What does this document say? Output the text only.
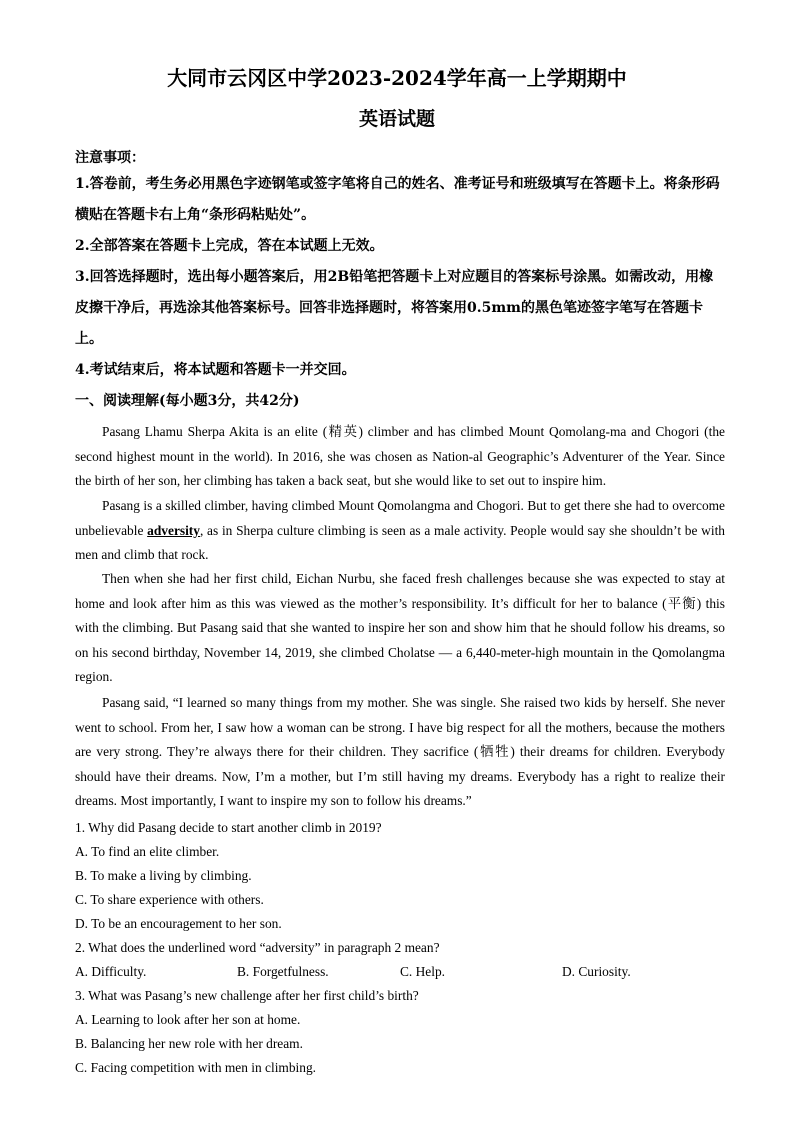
大同市云冈区中学2023-2024学年高一上学期期中
英语试题

注意事项：

1.答卷前，考生务必用黑色字迹钢笔或签字笔将自己的姓名、准考证号和班级填写在答题卡上。将条形码横贴在答题卡右上角“条形码粘贴处”。

2.全部答案在答题卡上完成，答在本试题上无效。

3.回答选择题时，选出每小题答案后，用2B铅笔把答题卡上对应题目的答案标号涂黑。如需改动，用橡皮擦干净后，再选涂其他答案标号。回答非选择题时，将答案用0.5mm的黑色笔迹签字笔写在答题卡上。

4.考试结束后，将本试题和答题卡一并交回。

一、阅读理解(每小题3分，共42分)

Pasang Lhamu Sherpa Akita is an elite (精英) climber and has climbed Mount Qomolang-ma and Chogori (the second highest mount in the world). In 2016, she was chosen as Nation-al Geographic’s Adventurer of the Year. Since the birth of her son, her climbing has taken a back seat, but she would like to set out to inspire him.

Pasang is a skilled climber, having climbed Mount Qomolangma and Chogori. But to get there she had to overcome unbelievable adversity, as in Sherpa culture climbing is seen as a male activity. People would say she shouldn’t be with men and climb that rock.

Then when she had her first child, Eichan Nurbu, she faced fresh challenges because she was expected to stay at home and look after him as this was viewed as the mother’s responsibility. It’s difficult for her to balance (平衡) this with the climbing. But Pasang said that she wanted to inspire her son and show him that he should follow his dreams, so on his second birthday, November 14, 2019, she climbed Cholatse — a 6,440-meter-high mountain in the Qomolangma region.

Pasang said, “I learned so many things from my mother. She was single. She raised two kids by herself. She never went to school. From her, I saw how a woman can be strong. I have big respect for all the mothers, because the mothers are very strong. They’re always there for their children. They sacrifice (牺牲) their dreams for children. Everybody should have their dreams. Now, I’m a mother, but I’m still having my dreams. Everybody has a right to realize their dreams. Most importantly, I want to inspire my son to follow his dreams.”

1. Why did Pasang decide to start another climb in 2019?
A. To find an elite climber.
B. To make a living by climbing.
C. To share experience with others.
D. To be an encouragement to her son.
2. What does the underlined word “adversity” in paragraph 2 mean?
A. Difficulty.	B. Forgetfulness.	C. Help.	D. Curiosity.
3. What was Pasang’s new challenge after her first child’s birth?
A. Learning to look after her son at home.
B. Balancing her new role with her dream.
C. Facing competition with men in climbing.
